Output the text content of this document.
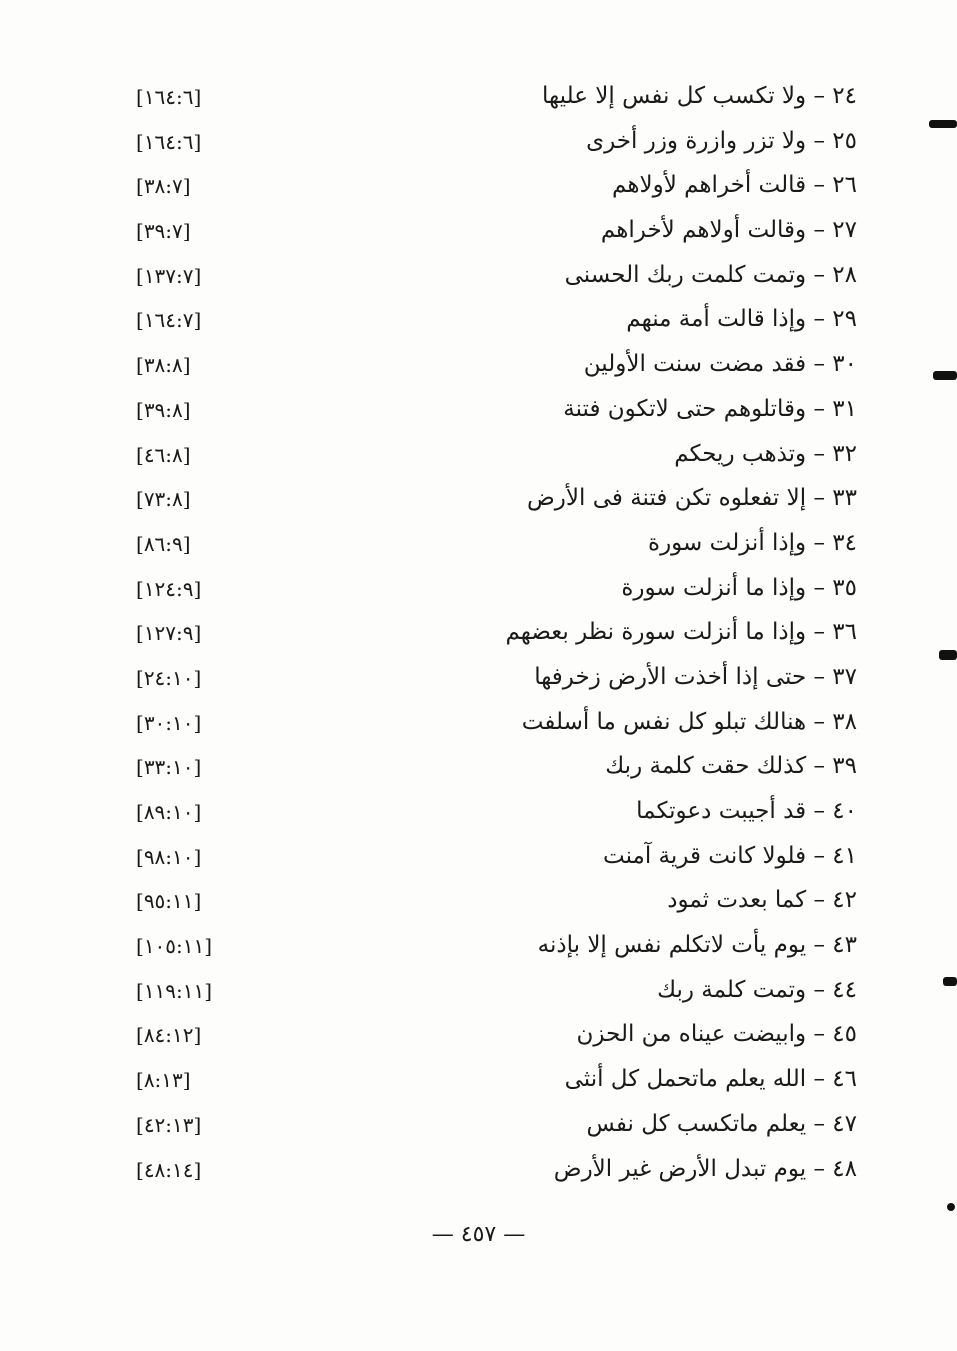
٢٤ – ولا تكسب كل نفس إلا عليها
[١٦٤:٦]
٢٥ – ولا تزر وازرة وزر أخرى
[١٦٤:٦]
٢٦ – قالت أخراهم لأولاهم
[٣٨:٧]
٢٧ – وقالت أولاهم لأخراهم
[٣٩:٧]
٢٨ – وتمت كلمت ربك الحسنى
[١٣٧:٧]
٢٩ – وإذا قالت أمة منهم
[١٦٤:٧]
٣٠ – فقد مضت سنت الأولين
[٣٨:٨]
٣١ – وقاتلوهم حتى لاتكون فتنة
[٣٩:٨]
٣٢ – وتذهب ريحكم
[٤٦:٨]
٣٣ – إلا تفعلوه تكن فتنة فى الأرض
[٧٣:٨]
٣٤ – وإذا أنزلت سورة
[٨٦:٩]
٣٥ – وإذا ما أنزلت سورة
[١٢٤:٩]
٣٦ – وإذا ما أنزلت سورة نظر بعضهم
[١٢٧:٩]
٣٧ – حتى إذا أخذت الأرض زخرفها
[٢٤:١٠]
٣٨ – هنالك تبلو كل نفس ما أسلفت
[٣٠:١٠]
٣٩ – كذلك حقت كلمة ربك
[٣٣:١٠]
٤٠ – قد أجيبت دعوتكما
[٨٩:١٠]
٤١ – فلولا كانت قرية آمنت
[٩٨:١٠]
٤٢ – كما بعدت ثمود
[٩٥:١١]
٤٣ – يوم يأت لاتكلم نفس إلا بإذنه
[١٠٥:١١]
٤٤ – وتمت كلمة ربك
[١١٩:١١]
٤٥ – وابيضت عيناه من الحزن
[٨٤:١٢]
٤٦ – الله يعلم ماتحمل كل أنثى
[٨:١٣]
٤٧ – يعلم ماتكسب كل نفس
[٤٢:١٣]
٤٨ – يوم تبدل الأرض غير الأرض
[٤٨:١٤]
— ٤٥٧ —
